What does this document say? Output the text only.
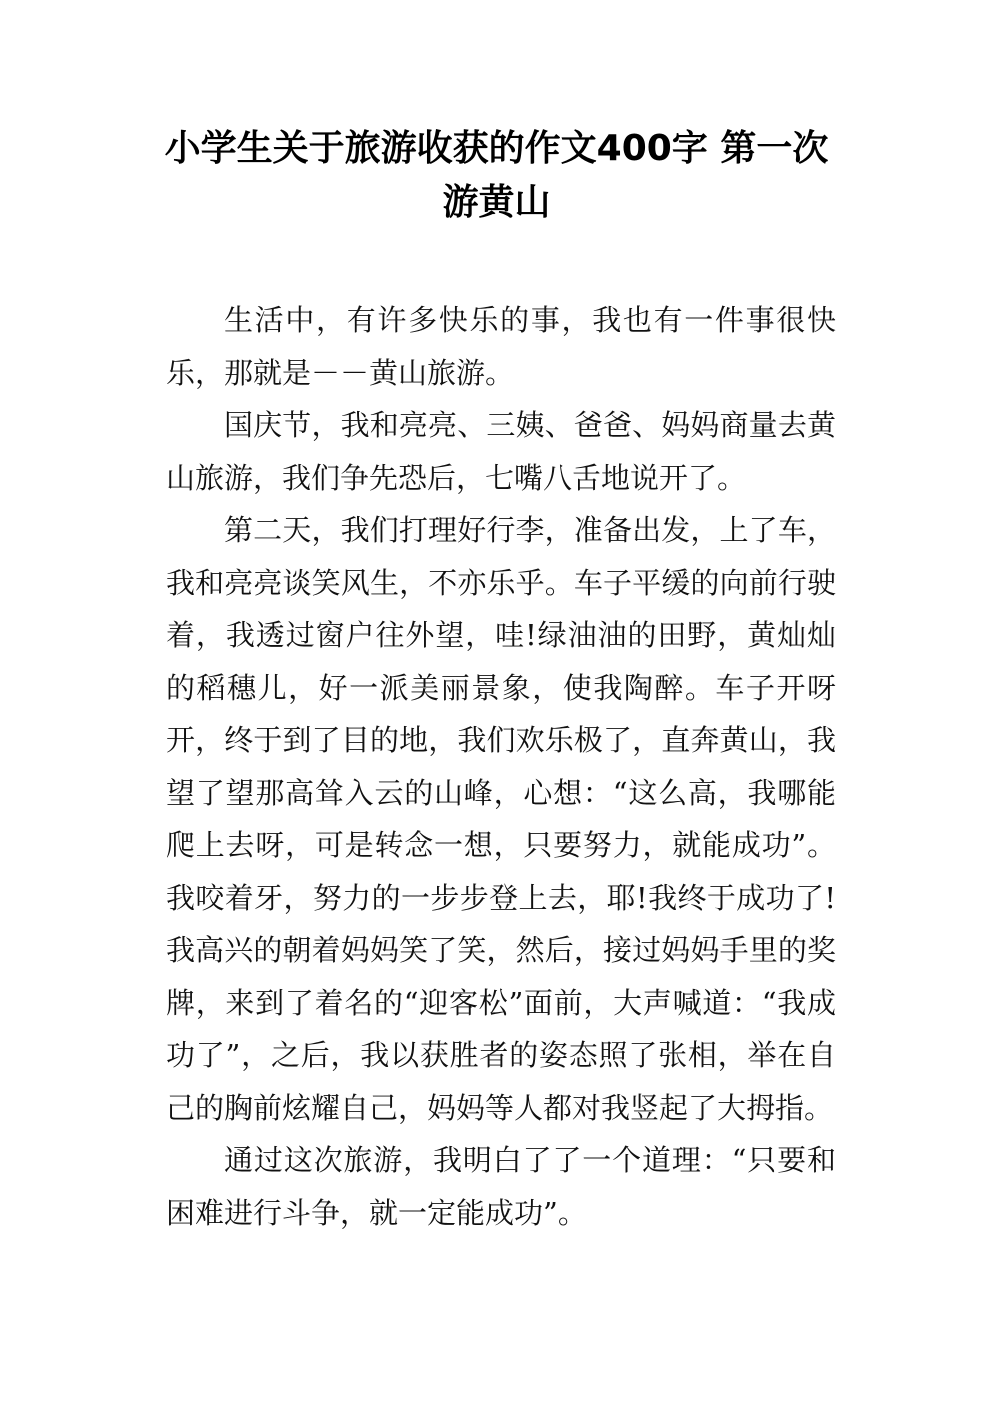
小学生关于旅游收获的作文400字 第一次游黄山

生活中，有许多快乐的事，我也有一件事很快乐，那就是－－黄山旅游。

国庆节，我和亮亮、三姨、爸爸、妈妈商量去黄山旅游，我们争先恐后，七嘴八舌地说开了。

第二天，我们打理好行李，准备出发，上了车，我和亮亮谈笑风生，不亦乐乎。车子平缓的向前行驶着，我透过窗户往外望，哇!绿油油的田野，黄灿灿的稻穗儿，好一派美丽景象，使我陶醉。车子开呀开，终于到了目的地，我们欢乐极了，直奔黄山，我望了望那高耸入云的山峰，心想：“这么高，我哪能爬上去呀，可是转念一想，只要努力，就能成功”。我咬着牙，努力的一步步登上去，耶!我终于成功了!我高兴的朝着妈妈笑了笑，然后，接过妈妈手里的奖牌，来到了着名的“迎客松”面前，大声喊道：“我成功了”，之后，我以获胜者的姿态照了张相，举在自己的胸前炫耀自己，妈妈等人都对我竖起了大拇指。

通过这次旅游，我明白了了一个道理：“只要和困难进行斗争，就一定能成功”。
